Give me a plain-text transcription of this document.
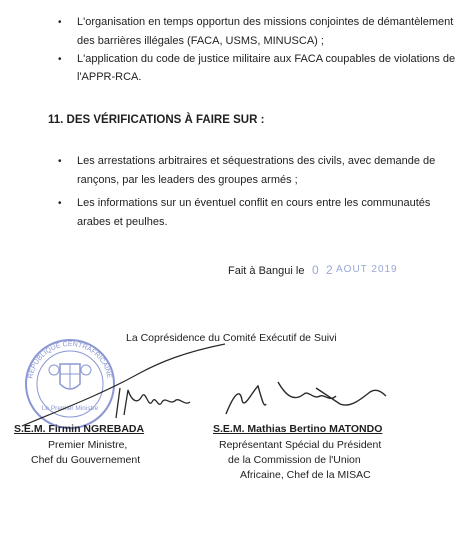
• L'organisation en temps opportun des missions conjointes de démantèlement
des barrières illégales (FACA, USMS, MINUSCA) ;
• L'application du code de justice militaire aux FACA coupables de violations de
l'APPR-RCA.
11. DES VÉRIFICATIONS À FAIRE SUR :
• Les arrestations arbitraires et séquestrations des civils, avec demande de
rançons, par les leaders des groupes armés ;
• Les informations sur un éventuel conflit en cours entre les communautés
arabes et peulhes.
Fait à Bangui le 0 2 AOUT 2019
La Coprésidence du Comité Exécutif de Suivi
REPUBLIQUE CENTRAFRICAINE
Le Premier Ministre
S.E.M. Firmin NGREBADA
Premier Ministre,
Chef du Gouvernement
S.E.M. Mathias Bertino MATONDO
Représentant Spécial du Président
de la Commission de l'Union
Africaine, Chef de la MISAC
